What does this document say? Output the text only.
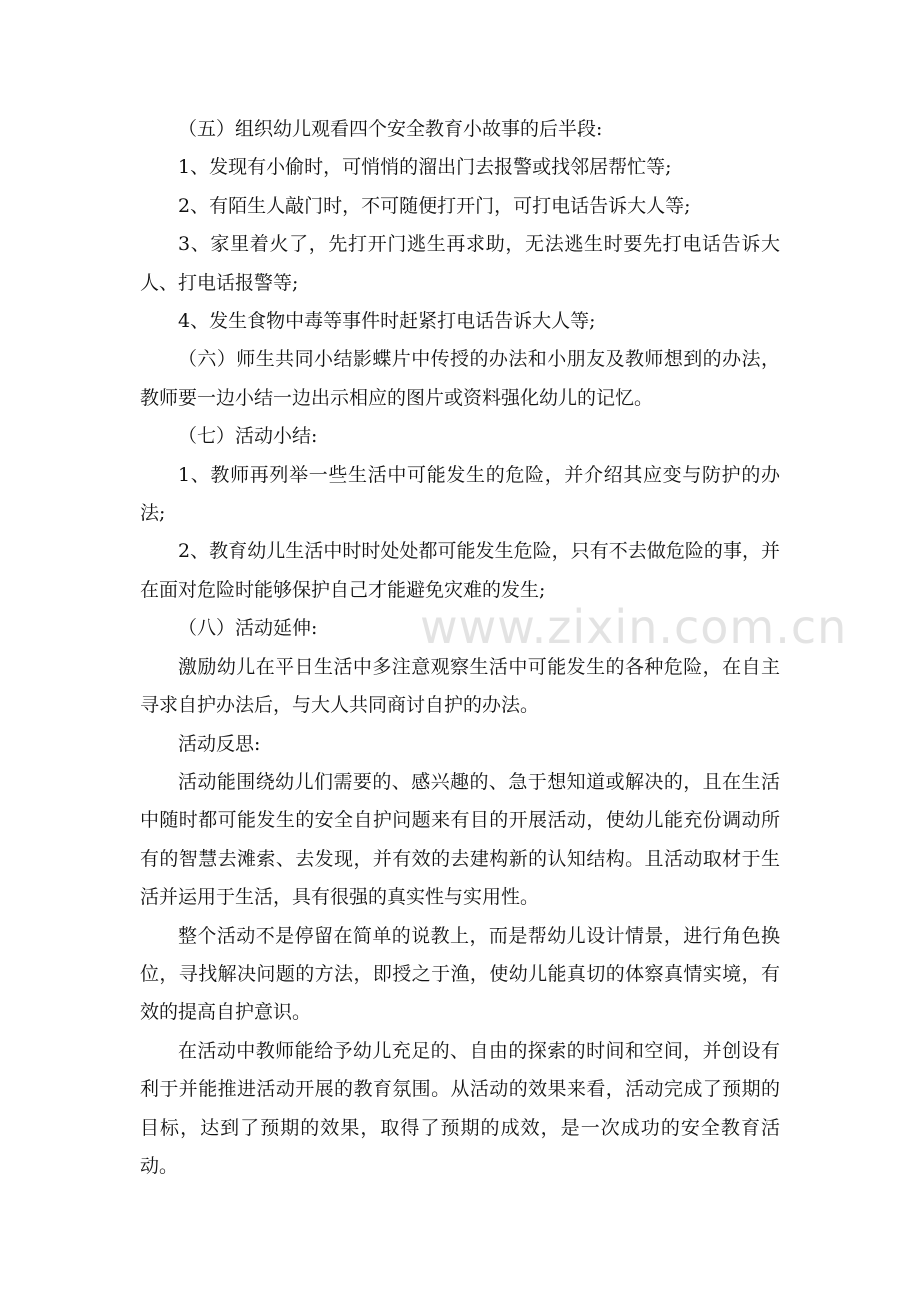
www.zixin.com.cn

（五）组织幼儿观看四个安全教育小故事的后半段:

1、发现有小偷时，可悄悄的溜出门去报警或找邻居帮忙等;

2、有陌生人敲门时，不可随便打开门，可打电话告诉大人等;

3、家里着火了，先打开门逃生再求助，无法逃生时要先打电话告诉大人、打电话报警等;

4、发生食物中毒等事件时赶紧打电话告诉大人等;

（六）师生共同小结影蝶片中传授的办法和小朋友及教师想到的办法，教师要一边小结一边出示相应的图片或资料强化幼儿的记忆。

（七）活动小结:

1、教师再列举一些生活中可能发生的危险，并介绍其应变与防护的办法;

2、教育幼儿生活中时时处处都可能发生危险，只有不去做危险的事，并在面对危险时能够保护自己才能避免灾难的发生;

（八）活动延伸:

激励幼儿在平日生活中多注意观察生活中可能发生的各种危险，在自主寻求自护办法后，与大人共同商讨自护的办法。

活动反思:

活动能围绕幼儿们需要的、感兴趣的、急于想知道或解决的，且在生活中随时都可能发生的安全自护问题来有目的开展活动，使幼儿能充份调动所有的智慧去滩索、去发现，并有效的去建构新的认知结构。且活动取材于生活并运用于生活，具有很强的真实性与实用性。

整个活动不是停留在简单的说教上，而是帮幼儿设计情景，进行角色换位，寻找解决问题的方法，即授之于渔，使幼儿能真切的体察真情实境，有效的提高自护意识。

在活动中教师能给予幼儿充足的、自由的探索的时间和空间，并创设有利于并能推进活动开展的教育氛围。从活动的效果来看，活动完成了预期的目标，达到了预期的效果，取得了预期的成效，是一次成功的安全教育活动。
